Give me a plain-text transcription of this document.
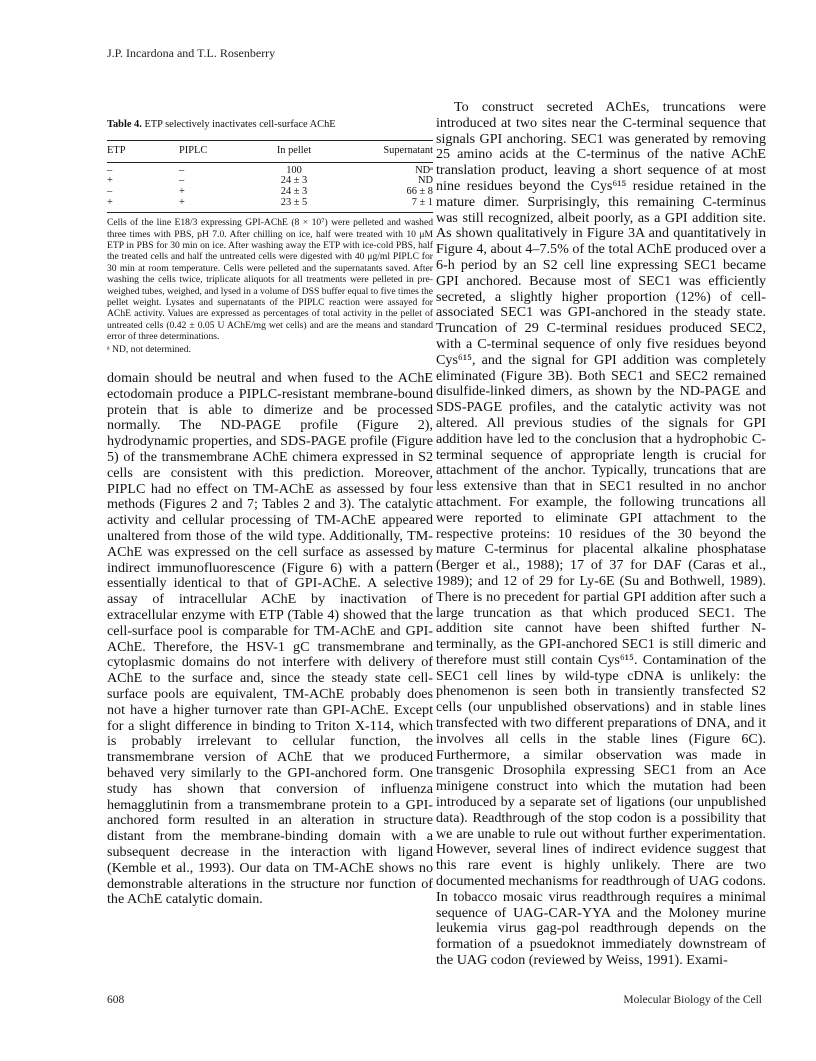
J.P. Incardona and T.L. Rosenberry
Table 4. ETP selectively inactivates cell-surface AChE
ETP	PIPLC	In pellet	Supernatant

–	–	100	NDᵃ
+	–	24 ± 3	ND
–	+	24 ± 3	66 ± 8
+	+	23 ± 5	7 ± 1
Cells of the line E18/3 expressing GPI-AChE (8 × 10⁷) were pelleted and washed three times with PBS, pH 7.0. After chilling on ice, half were treated with 10 μM ETP in PBS for 30 min on ice. After washing away the ETP with ice-cold PBS, half the treated cells and half the untreated cells were digested with 40 μg/ml PIPLC for 30 min at room temperature. Cells were pelleted and the supernatants saved. After washing the cells twice, triplicate aliquots for all treatments were pelleted in pre-weighed tubes, weighed, and lysed in a volume of DSS buffer equal to five times the pellet weight. Lysates and supernatants of the PIPLC reaction were assayed for AChE activity. Values are expressed as percentages of total activity in the pellet of untreated cells (0.42 ± 0.05 U AChE/mg wet cells) and are the means and standard error of three determinations.
ᵃ ND, not determined.

domain should be neutral and when fused to the AChE ectodomain produce a PIPLC-resistant membrane-bound protein that is able to dimerize and be processed normally. The ND-PAGE profile (Figure 2), hydrodynamic properties, and SDS-PAGE profile (Figure 5) of the transmembrane AChE chimera expressed in S2 cells are consistent with this prediction. Moreover, PIPLC had no effect on TM-AChE as assessed by four methods (Figures 2 and 7; Tables 2 and 3). The catalytic activity and cellular processing of TM-AChE appeared unaltered from those of the wild type. Additionally, TM-AChE was expressed on the cell surface as assessed by indirect immunofluorescence (Figure 6) with a pattern essentially identical to that of GPI-AChE. A selective assay of intracellular AChE by inactivation of extracellular enzyme with ETP (Table 4) showed that the cell-surface pool is comparable for TM-AChE and GPI-AChE. Therefore, the HSV-1 gC transmembrane and cytoplasmic domains do not interfere with delivery of AChE to the surface and, since the steady state cell-surface pools are equivalent, TM-AChE probably does not have a higher turnover rate than GPI-AChE. Except for a slight difference in binding to Triton X-114, which is probably irrelevant to cellular function, the transmembrane version of AChE that we produced behaved very similarly to the GPI-anchored form. One study has shown that conversion of influenza hemagglutinin from a transmembrane protein to a GPI-anchored form resulted in an alteration in structure distant from the membrane-binding domain with a subsequent decrease in the interaction with ligand (Kemble et al., 1993). Our data on TM-AChE shows no demonstrable alterations in the structure nor function of the AChE catalytic domain.

To construct secreted AChEs, truncations were introduced at two sites near the C-terminal sequence that signals GPI anchoring. SEC1 was generated by removing 25 amino acids at the C-terminus of the native AChE translation product, leaving a short sequence of at most nine residues beyond the Cys⁶¹⁵ residue retained in the mature dimer. Surprisingly, this remaining C-terminus was still recognized, albeit poorly, as a GPI addition site. As shown qualitatively in Figure 3A and quantitatively in Figure 4, about 4–7.5% of the total AChE produced over a 6-h period by an S2 cell line expressing SEC1 became GPI anchored. Because most of SEC1 was efficiently secreted, a slightly higher proportion (12%) of cell-associated SEC1 was GPI-anchored in the steady state. Truncation of 29 C-terminal residues produced SEC2, with a C-terminal sequence of only five residues beyond Cys⁶¹⁵, and the signal for GPI addition was completely eliminated (Figure 3B). Both SEC1 and SEC2 remained disulfide-linked dimers, as shown by the ND-PAGE and SDS-PAGE profiles, and the catalytic activity was not altered. All previous studies of the signals for GPI addition have led to the conclusion that a hydrophobic C-terminal sequence of appropriate length is crucial for attachment of the anchor. Typically, truncations that are less extensive than that in SEC1 resulted in no anchor attachment. For example, the following truncations all were reported to eliminate GPI attachment to the respective proteins: 10 residues of the 30 beyond the mature C-terminus for placental alkaline phosphatase (Berger et al., 1988); 17 of 37 for DAF (Caras et al., 1989); and 12 of 29 for Ly-6E (Su and Bothwell, 1989). There is no precedent for partial GPI addition after such a large truncation as that which produced SEC1. The addition site cannot have been shifted further N-terminally, as the GPI-anchored SEC1 is still dimeric and therefore must still contain Cys⁶¹⁵. Contamination of the SEC1 cell lines by wild-type cDNA is unlikely: the phenomenon is seen both in transiently transfected S2 cells (our unpublished observations) and in stable lines transfected with two different preparations of DNA, and it involves all cells in the stable lines (Figure 6C). Furthermore, a similar observation was made in transgenic Drosophila expressing SEC1 from an Ace minigene construct into which the mutation had been introduced by a separate set of ligations (our unpublished data). Readthrough of the stop codon is a possibility that we are unable to rule out without further experimentation. However, several lines of indirect evidence suggest that this rare event is highly unlikely. There are two documented mechanisms for readthrough of UAG codons. In tobacco mosaic virus readthrough requires a minimal sequence of UAG-CAR-YYA and the Moloney murine leukemia virus gag-pol readthrough depends on the formation of a psuedoknot immediately downstream of the UAG codon (reviewed by Weiss, 1991). Exami-

608	Molecular Biology of the Cell
